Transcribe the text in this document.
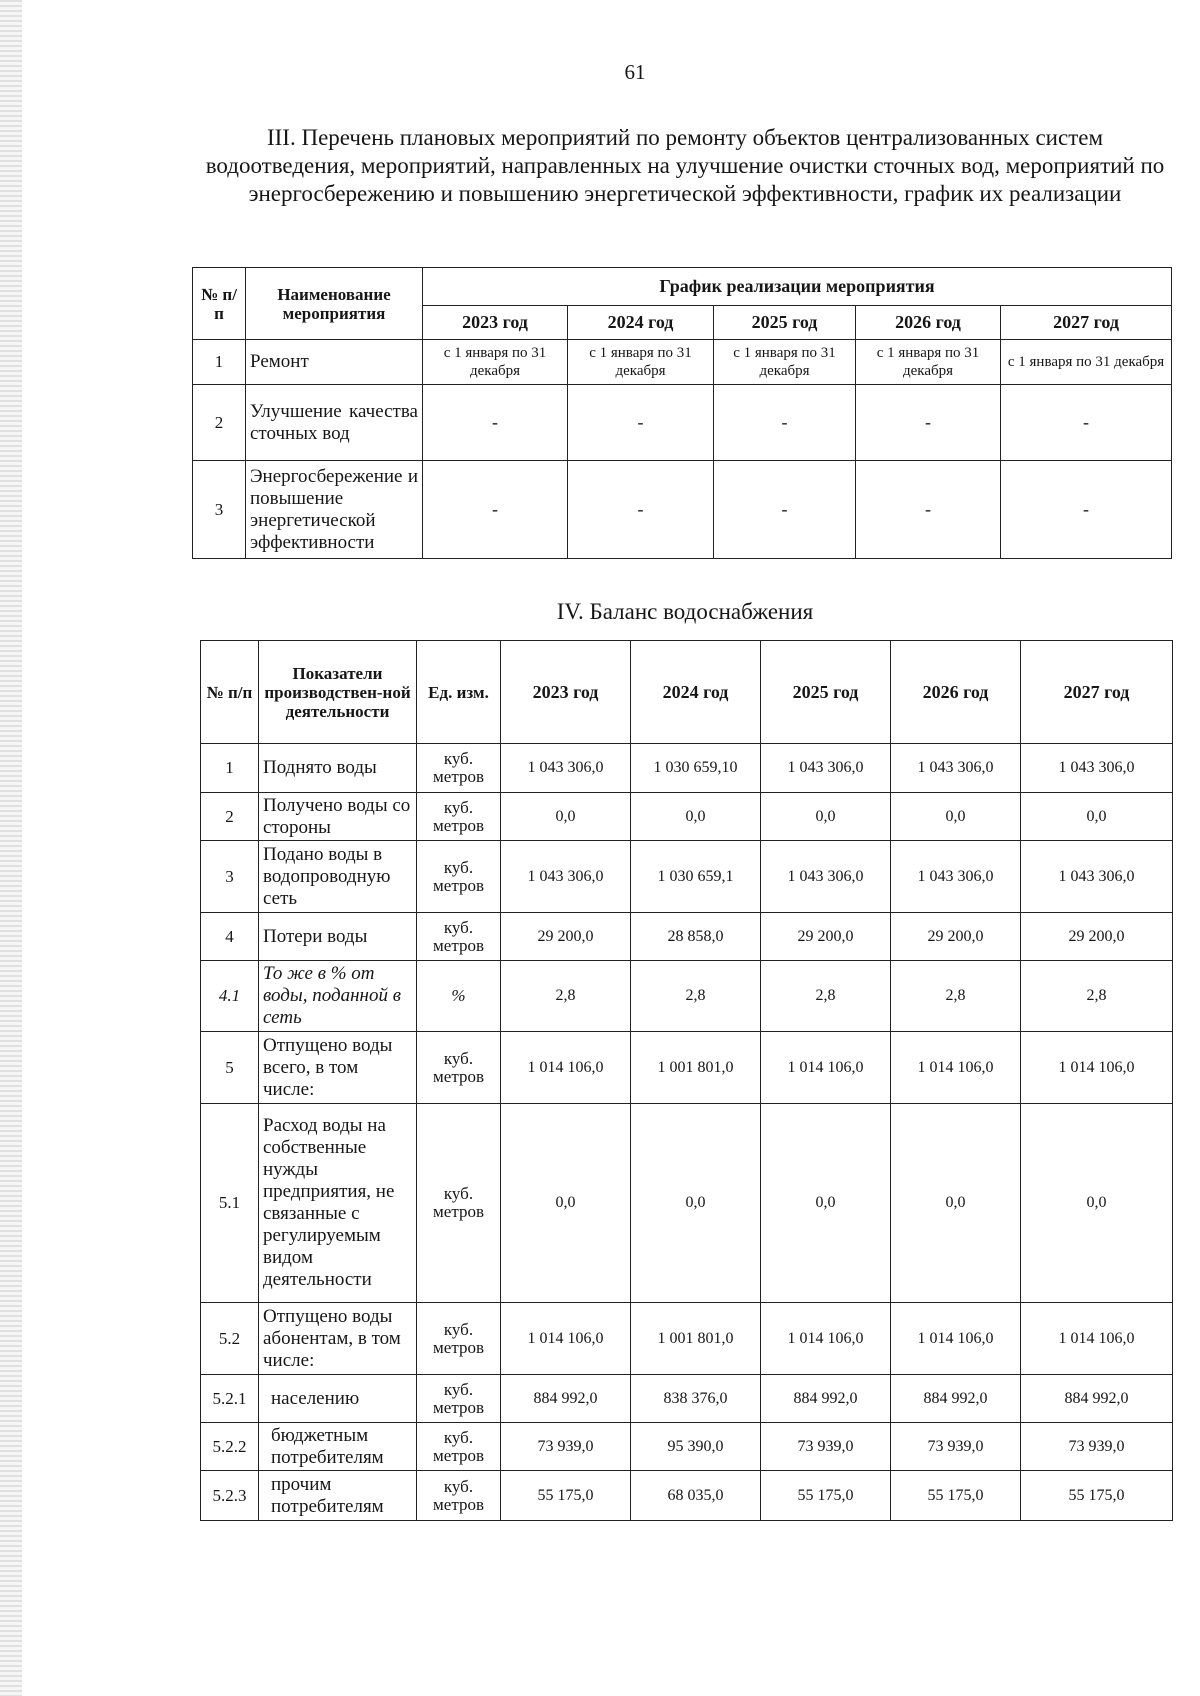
61
III. Перечень плановых мероприятий по ремонту объектов централизованных систем водоотведения, мероприятий, направленных на улучшение очистки сточных вод, мероприятий по энергосбережению и повышению энергетической эффективности, график их реализации
№ п/п	Наименование мероприятия	График реализации мероприятия				
		2023 год	2024 год	2025 год	2026 год	2027 год
1	Ремонт	с 1 января по 31 декабря	с 1 января по 31 декабря	с 1 января по 31 декабря	с 1 января по 31 декабря	с 1 января по 31 декабря
2	Улучшение качества сточных вод	-	-	-	-	-
3	Энергосбережение и повышение энергетической эффективности	-	-	-	-	-
IV. Баланс водоснабжения
№ п/п	Показатели производствен-ной деятельности	Ед. изм.	2023 год	2024 год	2025 год	2026 год	2027 год
1	Поднято воды	куб. метров	1 043 306,0	1 030 659,10	1 043 306,0	1 043 306,0	1 043 306,0
2	Получено воды со стороны	куб. метров	0,0	0,0	0,0	0,0	0,0
3	Подано воды в водопроводную сеть	куб. метров	1 043 306,0	1 030 659,1	1 043 306,0	1 043 306,0	1 043 306,0
4	Потери воды	куб. метров	29 200,0	28 858,0	29 200,0	29 200,0	29 200,0
4.1	То же в % от воды, поданной в сеть	%	2,8	2,8	2,8	2,8	2,8
5	Отпущено воды всего, в том числе:	куб. метров	1 014 106,0	1 001 801,0	1 014 106,0	1 014 106,0	1 014 106,0
5.1	Расход воды на собственные нужды предприятия, не связанные с регулируемым видом деятельности	куб. метров	0,0	0,0	0,0	0,0	0,0
5.2	Отпущено воды абонентам, в том числе:	куб. метров	1 014 106,0	1 001 801,0	1 014 106,0	1 014 106,0	1 014 106,0
5.2.1	населению	куб. метров	884 992,0	838 376,0	884 992,0	884 992,0	884 992,0
5.2.2	бюджетным потребителям	куб. метров	73 939,0	95 390,0	73 939,0	73 939,0	73 939,0
5.2.3	прочим потребителям	куб. метров	55 175,0	68 035,0	55 175,0	55 175,0	55 175,0
